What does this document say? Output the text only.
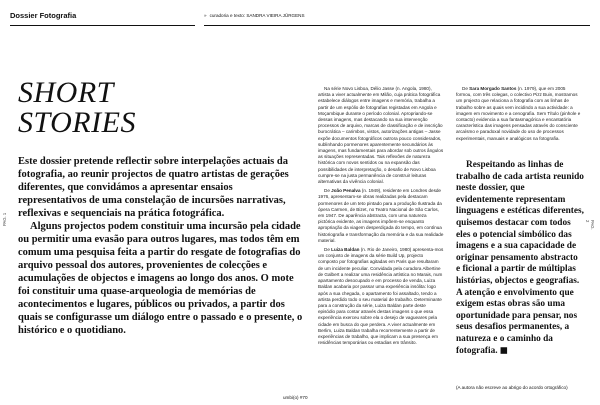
Dossier Fotografia	» curadoria e texto: SANDRA VIEIRA JÜRGENS
PAG. 1	PAG. 2
SHORT
STORIES

Este dossier pretende reflectir sobre interpelações actuais da fotografia, ao reunir projectos de quatro artistas de gerações diferentes, que convidámos a apresentar ensaios representativos de uma constelação de incursões narrativas, reflexivas e sequenciais na prática fotográfica.

Alguns projectos podem constituir uma incursão pela cidade ou permitir uma evasão para outros lugares, mas todos têm em comum uma pesquisa feita a partir do resgate de fotografias do arquivo pessoal dos autores, provenientes de colecções e acumulações de objectos e imagens ao longo dos anos. O mote foi constituir uma quase-arqueologia de memórias de acontecimentos e lugares, públicos ou privados, a partir dos quais se configurasse um diálogo entre o passado e o presente, o histórico e o quotidiano.

Na série Novo Lisboa, Délio Jasse (n. Angola, 1980), artista a viver actualmente em Milão, cuja prática fotográfica estabelece diálogos entre imagens e memória, trabalha a partir de um espólio de fotografias registadas em Angola e Moçambique durante o período colonial. Apropriando-se dessas imagens, mas destacando na sua intervenção processos de arquivo, marcas de classificação e de inscrição burocrática – carimbos, vistos, autorizações antigas – Jasse expõe documentos fotográficos outrora pouco considerados, sublinhando pormenores aparentemente secundários às imagens, mas fundamentais para abordar sob outros ângulos as situações representadas. Tais reflexões de natureza histórica com novos sentidos ou na expansão das possibilidades de interpretação, o desafio de Novo Lisboa cumpre-se na justa permanência de construir leituras alternativas da vivência colonial.

De João Penalva (n. 1949), residente em Londres desde 1976, apresentam-se obras realizadas pela destacam pormenores de um teto pintado para a produção Ilustrada da ópera Carmen, de Bizet, no Teatro Nacional de São Carlos, em 1947. De aparência abstracta, com uma natureza pictórica evidente, as imagens impõem-se enquanto apropriação da viagem desperdiçada do tempo, em contínua historiografia e transformação da memória e da sua realidade material.

De Luiza Baldan (n. Rio de Janeiro, 1980) apresenta-mos um conjunto de imagens da série Build Up, projecto composto por fotografias agitadas em Paris que resultaram de um incidente peculiar. Convidada pela curadora Albertine de Galbert a realizar uma residência artística no Marais, num apartamento desocupado e em processo de venda, Luiza Baldan acabaria por passar uma experiência insólita: logo após a sua chegada, o apartamento foi assaltado, tendo a artista perdido todo o seu material de trabalho. Determinante para a construção da série, Luiza Baldan parte deste episódio para contar através destas imagens o que essa experiência exerceu sobre ela o desejo de vagueares pela cidade em busca do que perdera. A viver actualmente em Berlim, Luiza Baldan trabalha recorrentemente a partir de experiências de trabalho, que implicam a sua presença em residências temporárias ou estadias em trânsito.

De Sara Morgado Santos (n. 1979), que em 2005 formou, com três colegas, o colectivo Pizz Buin, mostramos um projecto que relaciona a fotografia com as linhas de trabalho sobre as quais vem incidindo a sua actividade: a imagem em movimento e a cenografia. Sem Título (pinhole e contacto) evidencia a sua fantasmagórica e encantatória característica das imagens pensadas através do consciente arcaísmo e paradoxal novidade do uso de processos experimentais, manuais e analógicos na fotografia.

Respeitando as linhas de trabalho de cada artista reunido neste dossier, que evidentemente representam linguagens e estéticas diferentes, quisemos destacar com todos eles o potencial simbólico das imagens e a sua capacidade de originar pensamento abstracto e ficional a partir de múltiplas histórias, objectos e geografias. A atenção e envolvimento que exigem estas obras são uma oportunidade para pensar, nos seus desafios permanentes, a natureza e o caminho da fotografia. ◼

(A autora não escreve ao abrigo do acordo ortográfico)
umbi(o) #70
